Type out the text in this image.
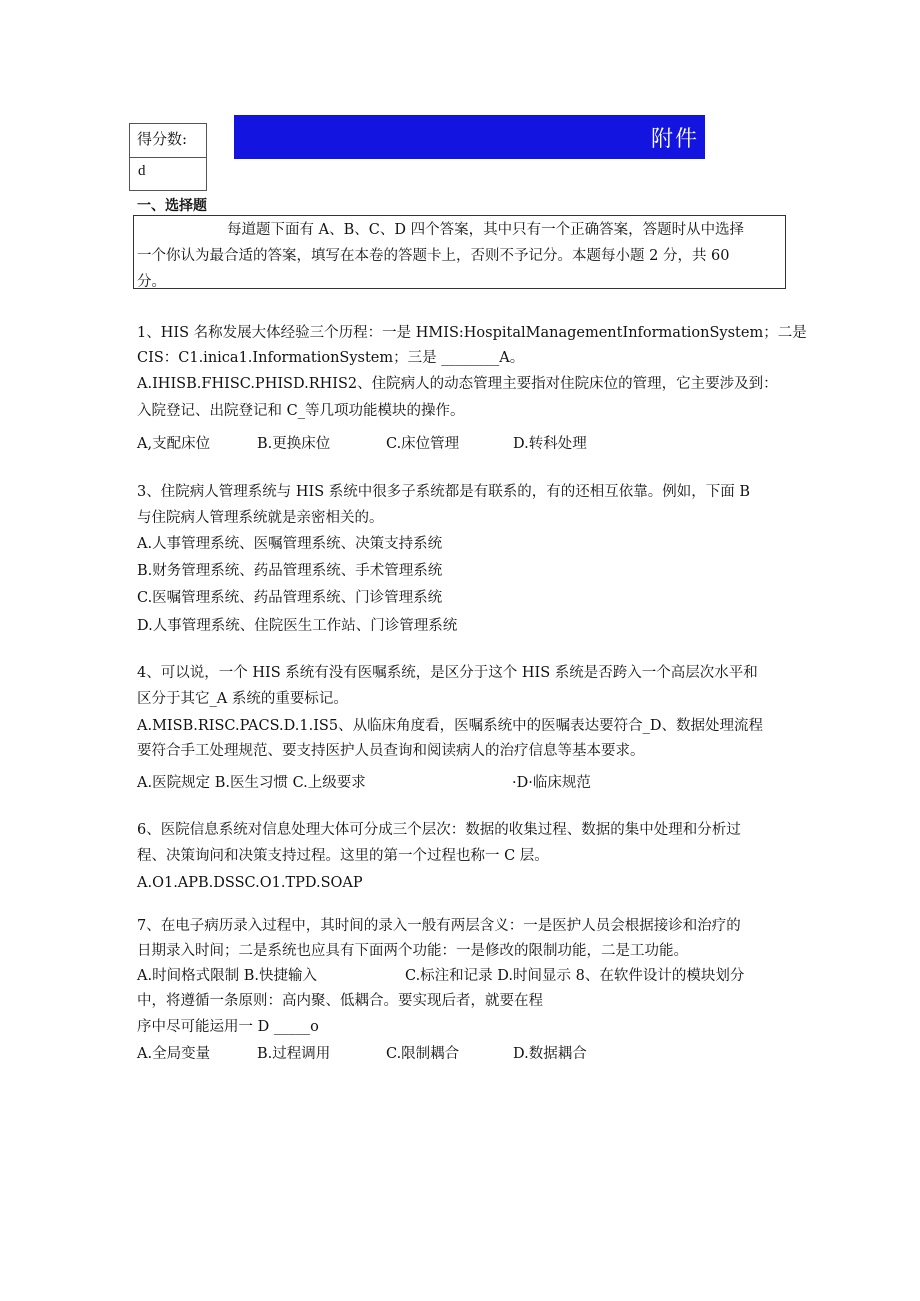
得分数:
d
附件
一、选择题
每道题下面有 A、B、C、D 四个答案，其中只有一个正确答案，答题时从中选择
一个你认为最合适的答案，填写在本卷的答题卡上，否则不予记分。本题每小题 2 分，共 60
分。
1、HIS 名称发展大体经验三个历程：一是 HMIS:HospitalManagementInformationSystem；二是
CIS：C1.inica1.InformationSystem；三是 ________A。
A.IHISB.FHISC.PHISD.RHIS2、住院病人的动态管理主要指对住院床位的管理，它主要涉及到：
入院登记、出院登记和 C_等几项功能模块的操作。
A,支配床位	B.更换床位	C.床位管理	D.转科处理
3、住院病人管理系统与 HIS 系统中很多子系统都是有联系的，有的还相互依靠。例如，下面 B
与住院病人管理系统就是亲密相关的。
A.人事管理系统、医嘱管理系统、决策支持系统
B.财务管理系统、药品管理系统、手术管理系统
C.医嘱管理系统、药品管理系统、门诊管理系统
D.人事管理系统、住院医生工作站、门诊管理系统
4、可以说，一个 HIS 系统有没有医嘱系统，是区分于这个 HIS 系统是否跨入一个高层次水平和
区分于其它_A 系统的重要标记。
A.MISB.RISC.PACS.D.1.IS5、从临床角度看，医嘱系统中的医嘱表达要符合_D、数据处理流程
要符合手工处理规范、要支持医护人员查询和阅读病人的治疗信息等基本要求。
A.医院规定 B.医生习惯 C.上级要求	·D·临床规范
6、医院信息系统对信息处理大体可分成三个层次：数据的收集过程、数据的集中处理和分析过
程、决策询问和决策支持过程。这里的第一个过程也称一 C 层。
A.O1.APB.DSSC.O1.TPD.SOAP
7、在电子病历录入过程中，其时间的录入一般有两层含义：一是医护人员会根据接诊和治疗的
日期录入时间；二是系统也应具有下面两个功能：一是修改的限制功能，二是工功能。
A.时间格式限制 B.快捷输入	C.标注和记录 D.时间显示 8、在软件设计的模块划分
中，将遵循一条原则：高内聚、低耦合。要实现后者，就要在程
序中尽可能运用一 D _____o
A.全局变量	B.过程调用	C.限制耦合	D.数据耦合
